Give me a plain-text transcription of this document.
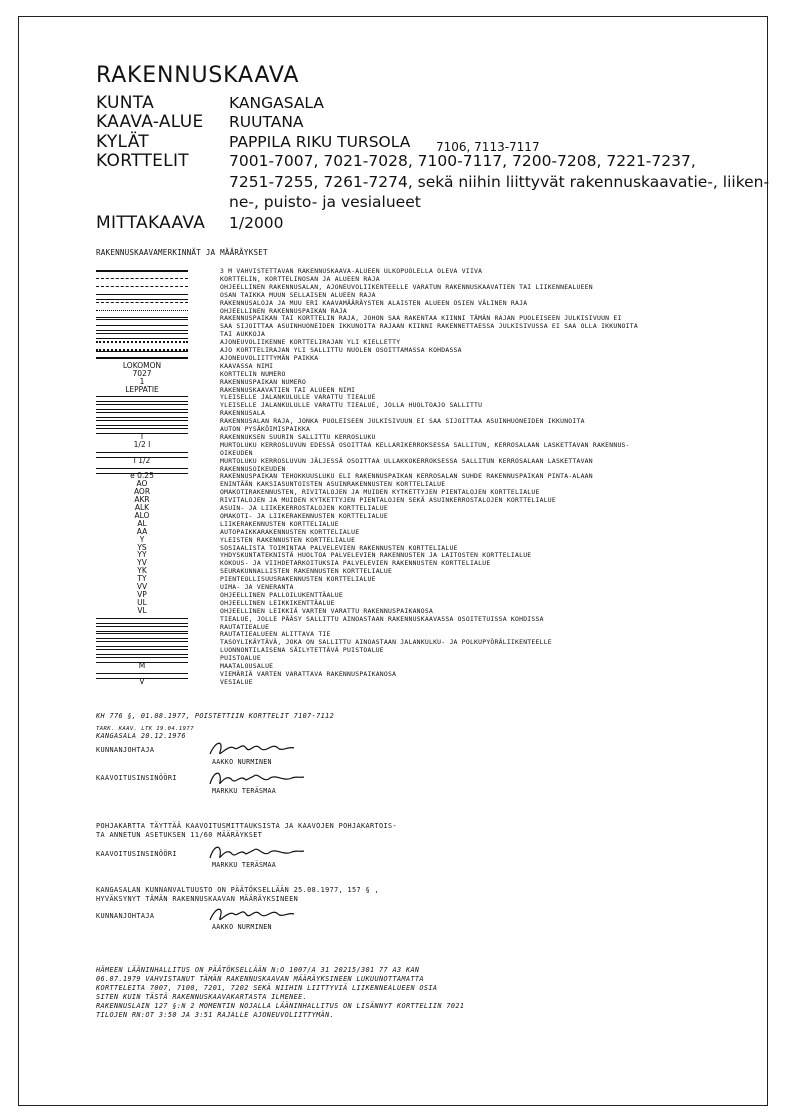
RAKENNUSKAAVA
KUNTA	KANGASALA
KAAVA-ALUE RUUTANA
KYLÄT	PAPPILA RIKU TURSOLA 7106, 7113-7117
KORTTELIT	7001-7007, 7021-7028, 7100-7117, 7200-7208, 7221-7237,
7251-7255, 7261-7274, sekä niihin liittyvät rakennuskaavatie-, liiken-
ne-, puisto- ja vesialueet
MITTAKAAVA 1/2000
RAKENNUSKAAVAMERKINNÄT JA MÄÄRÄYKSET
3 M VAHVISTETTAVAN RAKENNUSKAAVA-ALUEEN ULKOPUOLELLA OLEVA VIIVA
KORTTELIN, KORTTELINOSAN JA ALUEEN RAJA
OHJEELLINEN RAKENNUSALAN, AJONEUVOLIIKENTEELLE VARATUN RAKENNUSKAAVATIEN TAI LIIKENNEALUEEN
OSAN TAIKKA MUUN SELLAISEN ALUEEN RAJA
RAKENNUSALOJA JA MUU ERI KAAVAMÄÄRÄYSTEN ALAISTEN ALUEEN OSIEN VÄLINEN RAJA
OHJEELLINEN RAKENNUSPAIKAN RAJA
RAKENNUSPAIKAN TAI KORTTELIN RAJA, JOHON SAA RAKENTAA KIINNI TÄMÄN RAJAN PUOLEISEEN JULKISIVUUN EI
SAA SIJOITTAA ASUINHUONEIDEN IKKUNOITA RAJAAN KIINNI RAKENNETTAESSA JULKISIVUSSA EI SAA OLLA IKKUNOITA
TAI AUKKOJA
AJONEUVOLIIKENNE KORTTELIRAJAN YLI KIELLETTY
AJO KORTTELIRAJAN YLI SALLITTU NUOLEN OSOITTAMASSA KOHDASSA
AJONEUVOLIITTYMÄN PAIKKA
LOKOMON	KAAVASSA NIMI
7027	KORTTELIN NUMERO
1	RAKENNUSPAIKAN NUMERO
LEPPATIE	RAKENNUSKAAVATIEN TAI ALUEEN NIMI
YLEISELLE JALANKULULLE VARATTU TIEALUE
YLEISELLE JALANKULULLE VARATTU TIEALUE, JOLLA HUOLTOAJO SALLITTU
RAKENNUSALA
RAKENNUSALAN RAJA, JONKA PUOLEISEEN JULKISIVUUN EI SAA SIJOITTAA ASUINHUONEIDEN IKKUNOITA
AUTON PYSÄKÖIMISPAIKKA
I	RAKENNUKSEN SUURIN SALLITTU KERROSLUKU
1/2 I	MURTOLUKU KERROSLUVUN EDESSÄ OSOITTAA KELLARIKERROKSESSA SALLITUN, KERROSALAAN LASKETTAVAN RAKENNUS-
OIKEUDEN
I 1/2	MURTOLUKU KERROSLUVUN JÄLJESSÄ OSOITTAA ULLAKKOKERROKSESSA SALLITUN KERROSALAAN LASKETTAVAN
RAKENNUSOIKEUDEN
e 0.25	RAKENNUSPAIKAN TEHOKKUUSLUKU ELI RAKENNUSPAIKAN KERROSALAN SUHDE RAKENNUSPAIKAN PINTA-ALAAN
AO	ENINTÄÄN KAKSIASUNTOISTEN ASUINRAKENNUSTEN KORTTELIALUE
AOR	OMAKOTIRAKENNUSTEN, RIVITALOJEN JA MUIDEN KYTKETTYJEN PIENTALOJEN KORTTELIALUE
AKR	RIVITALOJEN JA MUIDEN KYTKETTYJEN PIENTALOJEN SEKÄ ASUINKERROSTALOJEN KORTTELIALUE
ALK	ASUIN- JA LIIKEKERROSTALOJEN KORTTELIALUE
ALO	OMAKOTI- JA LIIKERAKENNUSTEN KORTTELIALUE
AL	LIIKERAKENNUSTEN KORTTELIALUE
AA	AUTOPAIKKARAKENNUSTEN KORTTELIALUE
Y	YLEISTEN RAKENNUSTEN KORTTELIALUE
YS	SOSIAALISTA TOIMINTAA PALVELEVIEN RAKENNUSTEN KORTTELIALUE
YY	YHDYSKUNTATEKNISTÄ HUOLTOA PALVELEVIEN RAKENNUSTEN JA LAITOSTEN KORTTELIALUE
YV	KOKOUS- JA VIIHDETARKOITUKSIA PALVELEVIEN RAKENNUSTEN KORTTELIALUE
YK	SEURAKUNNALLISTEN RAKENNUSTEN KORTTELIALUE
TY	PIENTEOLLISUUSRAKENNUSTEN KORTTELIALUE
VV	UIMA- JA VENERANTA
VP	OHJEELLINEN PALLOILUKENTTÄALUE
UL	OHJEELLINEN LEIKKIKENTTÄALUE
VL	OHJEELLINEN LEIKKIÄ VARTEN VARATTU RAKENNUSPAIKANOSA
TIEALUE, JOLLE PÄÄSY SALLITTU AINOASTAAN RAKENNUSKAAVASSA OSOITETUISSA KOHDISSA
RAUTATIEALUE
RAUTATIEALUEEN ALITTAVA TIE
TASOYLIKÄYTÄVÄ, JOKA ON SALLITTU AINOASTAAN JALANKULKU- JA POLKUPYÖRÄLIIKENTEELLE
LUONNONTILAISENA SÄILYTETTÄVÄ PUISTOALUE
PUISTOALUE
M	MAATALOUSALUE
VIEMÄRIÄ VARTEN VARATTAVA RAKENNUSPAIKANOSA
V	VESIALUE
KH 776 §, 01.08.1977, POISTETTIIN KORTTELIT 7107-7112
TARK. KAAV. LTK 19.04.1977
KANGASALA 20.12.1976
KUNNANJOHTAJA
AAKKO NURMINEN
KAAVOITUSINSINÖÖRI
MARKKU TERÄSMAA
POHJAKARTTA TÄYTTÄÄ KAAVOITUSMITTAUKSISTA JA KAAVOJEN POHJAKARTOIS-
TA ANNETUN ASETUKSEN 11/60 MÄÄRÄYKSET
KAAVOITUSINSINÖÖRI
MARKKU TERÄSMAA
KANGASALAN KUNNANVALTUUSTO ON PÄÄTÖKSELLÄÄN 25.08.1977, 157 § ,
HYVÄKSYNYT TÄMÄN RAKENNUSKAAVAN MÄÄRÄYKSINEEN
KUNNANJOHTAJA
AAKKO NURMINEN
HÄMEEN LÄÄNINHALLITUS ON PÄÄTÖKSELLÄÄN N:O 1007/A 31 20215/301 77 A3 KAN
06.07.1979 VAHVISTANUT TÄMÄN RAKENNUSKAAVAN MÄÄRÄYKSINEEN LUKUUNOTTAMATTA
KORTTELEITA 7007, 7100, 7201, 7202 SEKÄ NIIHIN LIITTYVIÄ LIIKENNEALUEEN OSIA
SITEN KUIN TÄSTÄ RAKENNUSKAAVAKARTASTA ILMENEE.
RAKENNUSLAIN 127 §:N 2 MOMENTIN NOJALLA LÄÄNINHALLITUS ON LISÄNNYT KORTTELIIN 7021
TILOJEN RN:OT 3:50 JA 3:51 RAJALLE AJONEUVOLIITTYMÄN.
